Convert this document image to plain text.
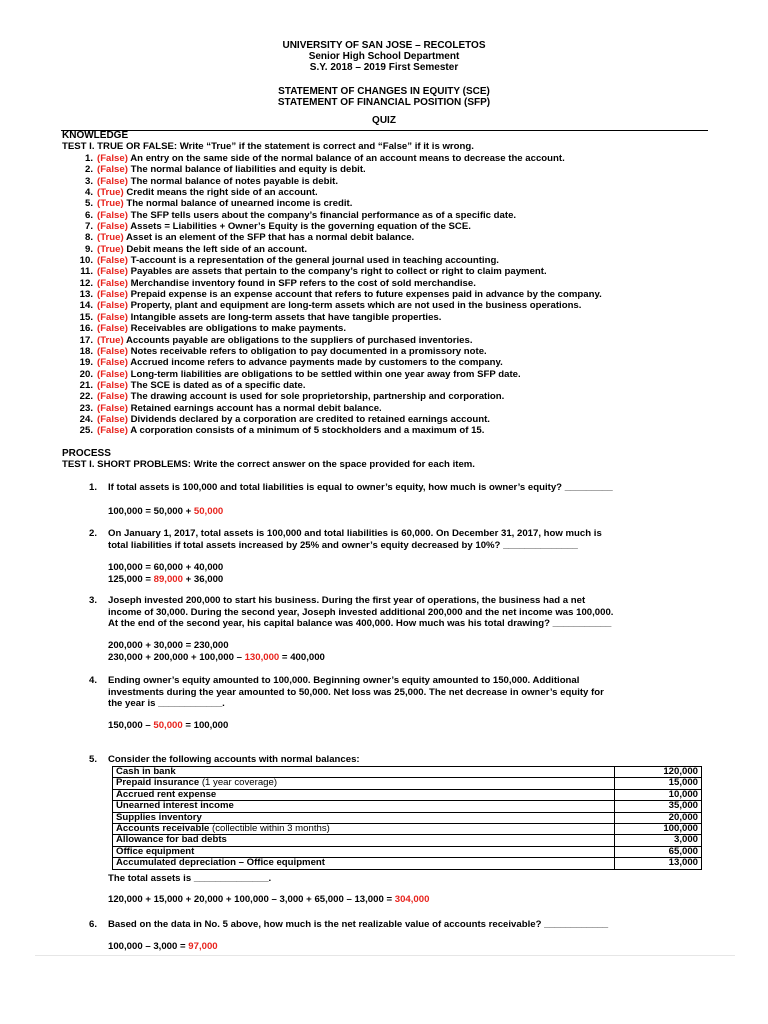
UNIVERSITY OF SAN JOSE – RECOLETOS
Senior High School Department
S.Y. 2018 – 2019 First Semester
STATEMENT OF CHANGES IN EQUITY (SCE)
STATEMENT OF FINANCIAL POSITION (SFP)
QUIZ
KNOWLEDGE
TEST I. TRUE OR FALSE: Write “True” if the statement is correct and “False” if it is wrong.
1. (False) An entry on the same side of the normal balance of an account means to decrease the account.
2. (False) The normal balance of liabilities and equity is debit.
3. (False) The normal balance of notes payable is debit.
4. (True) Credit means the right side of an account.
5. (True) The normal balance of unearned income is credit.
6. (False) The SFP tells users about the company’s financial performance as of a specific date.
7. (False) Assets = Liabilities + Owner’s Equity is the governing equation of the SCE.
8. (True) Asset is an element of the SFP that has a normal debit balance.
9. (True) Debit means the left side of an account.
10. (False) T-account is a representation of the general journal used in teaching accounting.
11. (False) Payables are assets that pertain to the company’s right to collect or right to claim payment.
12. (False) Merchandise inventory found in SFP refers to the cost of sold merchandise.
13. (False) Prepaid expense is an expense account that refers to future expenses paid in advance by the company.
14. (False) Property, plant and equipment are long-term assets which are not used in the business operations.
15. (False) Intangible assets are long-term assets that have tangible properties.
16. (False) Receivables are obligations to make payments.
17. (True) Accounts payable are obligations to the suppliers of purchased inventories.
18. (False) Notes receivable refers to obligation to pay documented in a promissory note.
19. (False) Accrued income refers to advance payments made by customers to the company.
20. (False) Long-term liabilities are obligations to be settled within one year away from SFP date.
21. (False) The SCE is dated as of a specific date.
22. (False) The drawing account is used for sole proprietorship, partnership and corporation.
23. (False) Retained earnings account has a normal debit balance.
24. (False) Dividends declared by a corporation are credited to retained earnings account.
25. (False) A corporation consists of a minimum of 5 stockholders and a maximum of 15.
PROCESS
TEST I. SHORT PROBLEMS: Write the correct answer on the space provided for each item.
1. If total assets is 100,000 and total liabilities is equal to owner’s equity, how much is owner’s equity? _________
100,000 = 50,000 + 50,000
2. On January 1, 2017, total assets is 100,000 and total liabilities is 60,000. On December 31, 2017, how much is
total liabilities if total assets increased by 25% and owner’s equity decreased by 10%? ______________
100,000 = 60,000 + 40,000
125,000 = 89,000 + 36,000
3. Joseph invested 200,000 to start his business. During the first year of operations, the business had a net
income of 30,000. During the second year, Joseph invested additional 200,000 and the net income was 100,000.
At the end of the second year, his capital balance was 400,000. How much was his total drawing? ___________
200,000 + 30,000 = 230,000
230,000 + 200,000 + 100,000 – 130,000 = 400,000
4. Ending owner’s equity amounted to 100,000. Beginning owner’s equity amounted to 150,000. Additional
investments during the year amounted to 50,000. Net loss was 25,000. The net decrease in owner’s equity for
the year is ____________.
150,000 – 50,000 = 100,000
5. Consider the following accounts with normal balances:
Cash in bank	120,000
Prepaid insurance (1 year coverage)	15,000
Accrued rent expense	10,000
Unearned interest income	35,000
Supplies inventory	20,000
Accounts receivable (collectible within 3 months)	100,000
Allowance for bad debts	3,000
Office equipment	65,000
Accumulated depreciation – Office equipment	13,000
The total assets is ______________.
120,000 + 15,000 + 20,000 + 100,000 – 3,000 + 65,000 – 13,000 = 304,000
6. Based on the data in No. 5 above, how much is the net realizable value of accounts receivable? ____________
100,000 – 3,000 = 97,000
